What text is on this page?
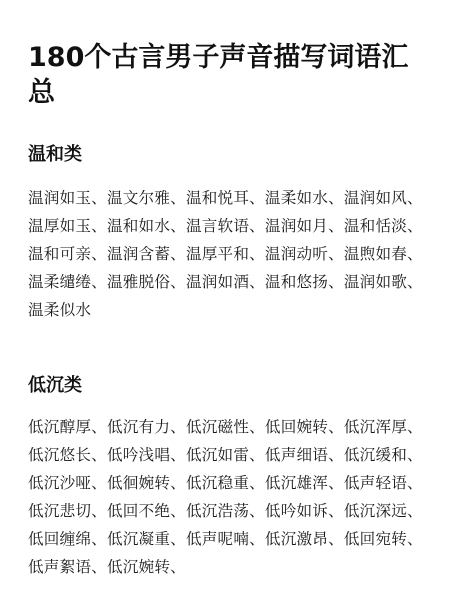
180个古言男子声音描写词语汇总
温和类

温润如玉、温文尔雅、温和悦耳、温柔如水、温润如风、温厚如玉、温和如水、温言软语、温润如月、温和恬淡、温和可亲、温润含蓄、温厚平和、温润动听、温煦如春、温柔缱绻、温雅脱俗、温润如酒、温和悠扬、温润如歌、温柔似水

低沉类

低沉醇厚、低沉有力、低沉磁性、低回婉转、低沉浑厚、低沉悠长、低吟浅唱、低沉如雷、低声细语、低沉缓和、低沉沙哑、低徊婉转、低沉稳重、低沉雄浑、低声轻语、低沉悲切、低回不绝、低沉浩荡、低吟如诉、低沉深远、低回缠绵、低沉凝重、低声呢喃、低沉激昂、低回宛转、低声絮语、低沉婉转、
